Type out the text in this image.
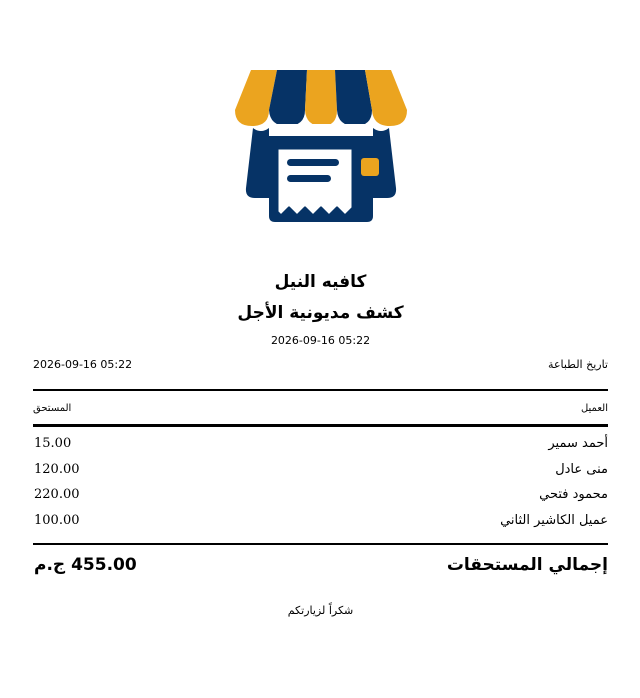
كافيه النيل
كشف مديونية الأجل
2026-09-16 05:22
تاريخ الطباعة
2026-09-16 05:22
العميل
المستحق
أحمد سمير
15.00
منى عادل
120.00
محمود فتحي
220.00
عميل الكاشير الثاني
100.00
إجمالي المستحقات
455.00 ج.م
شكراً لزيارتكم
